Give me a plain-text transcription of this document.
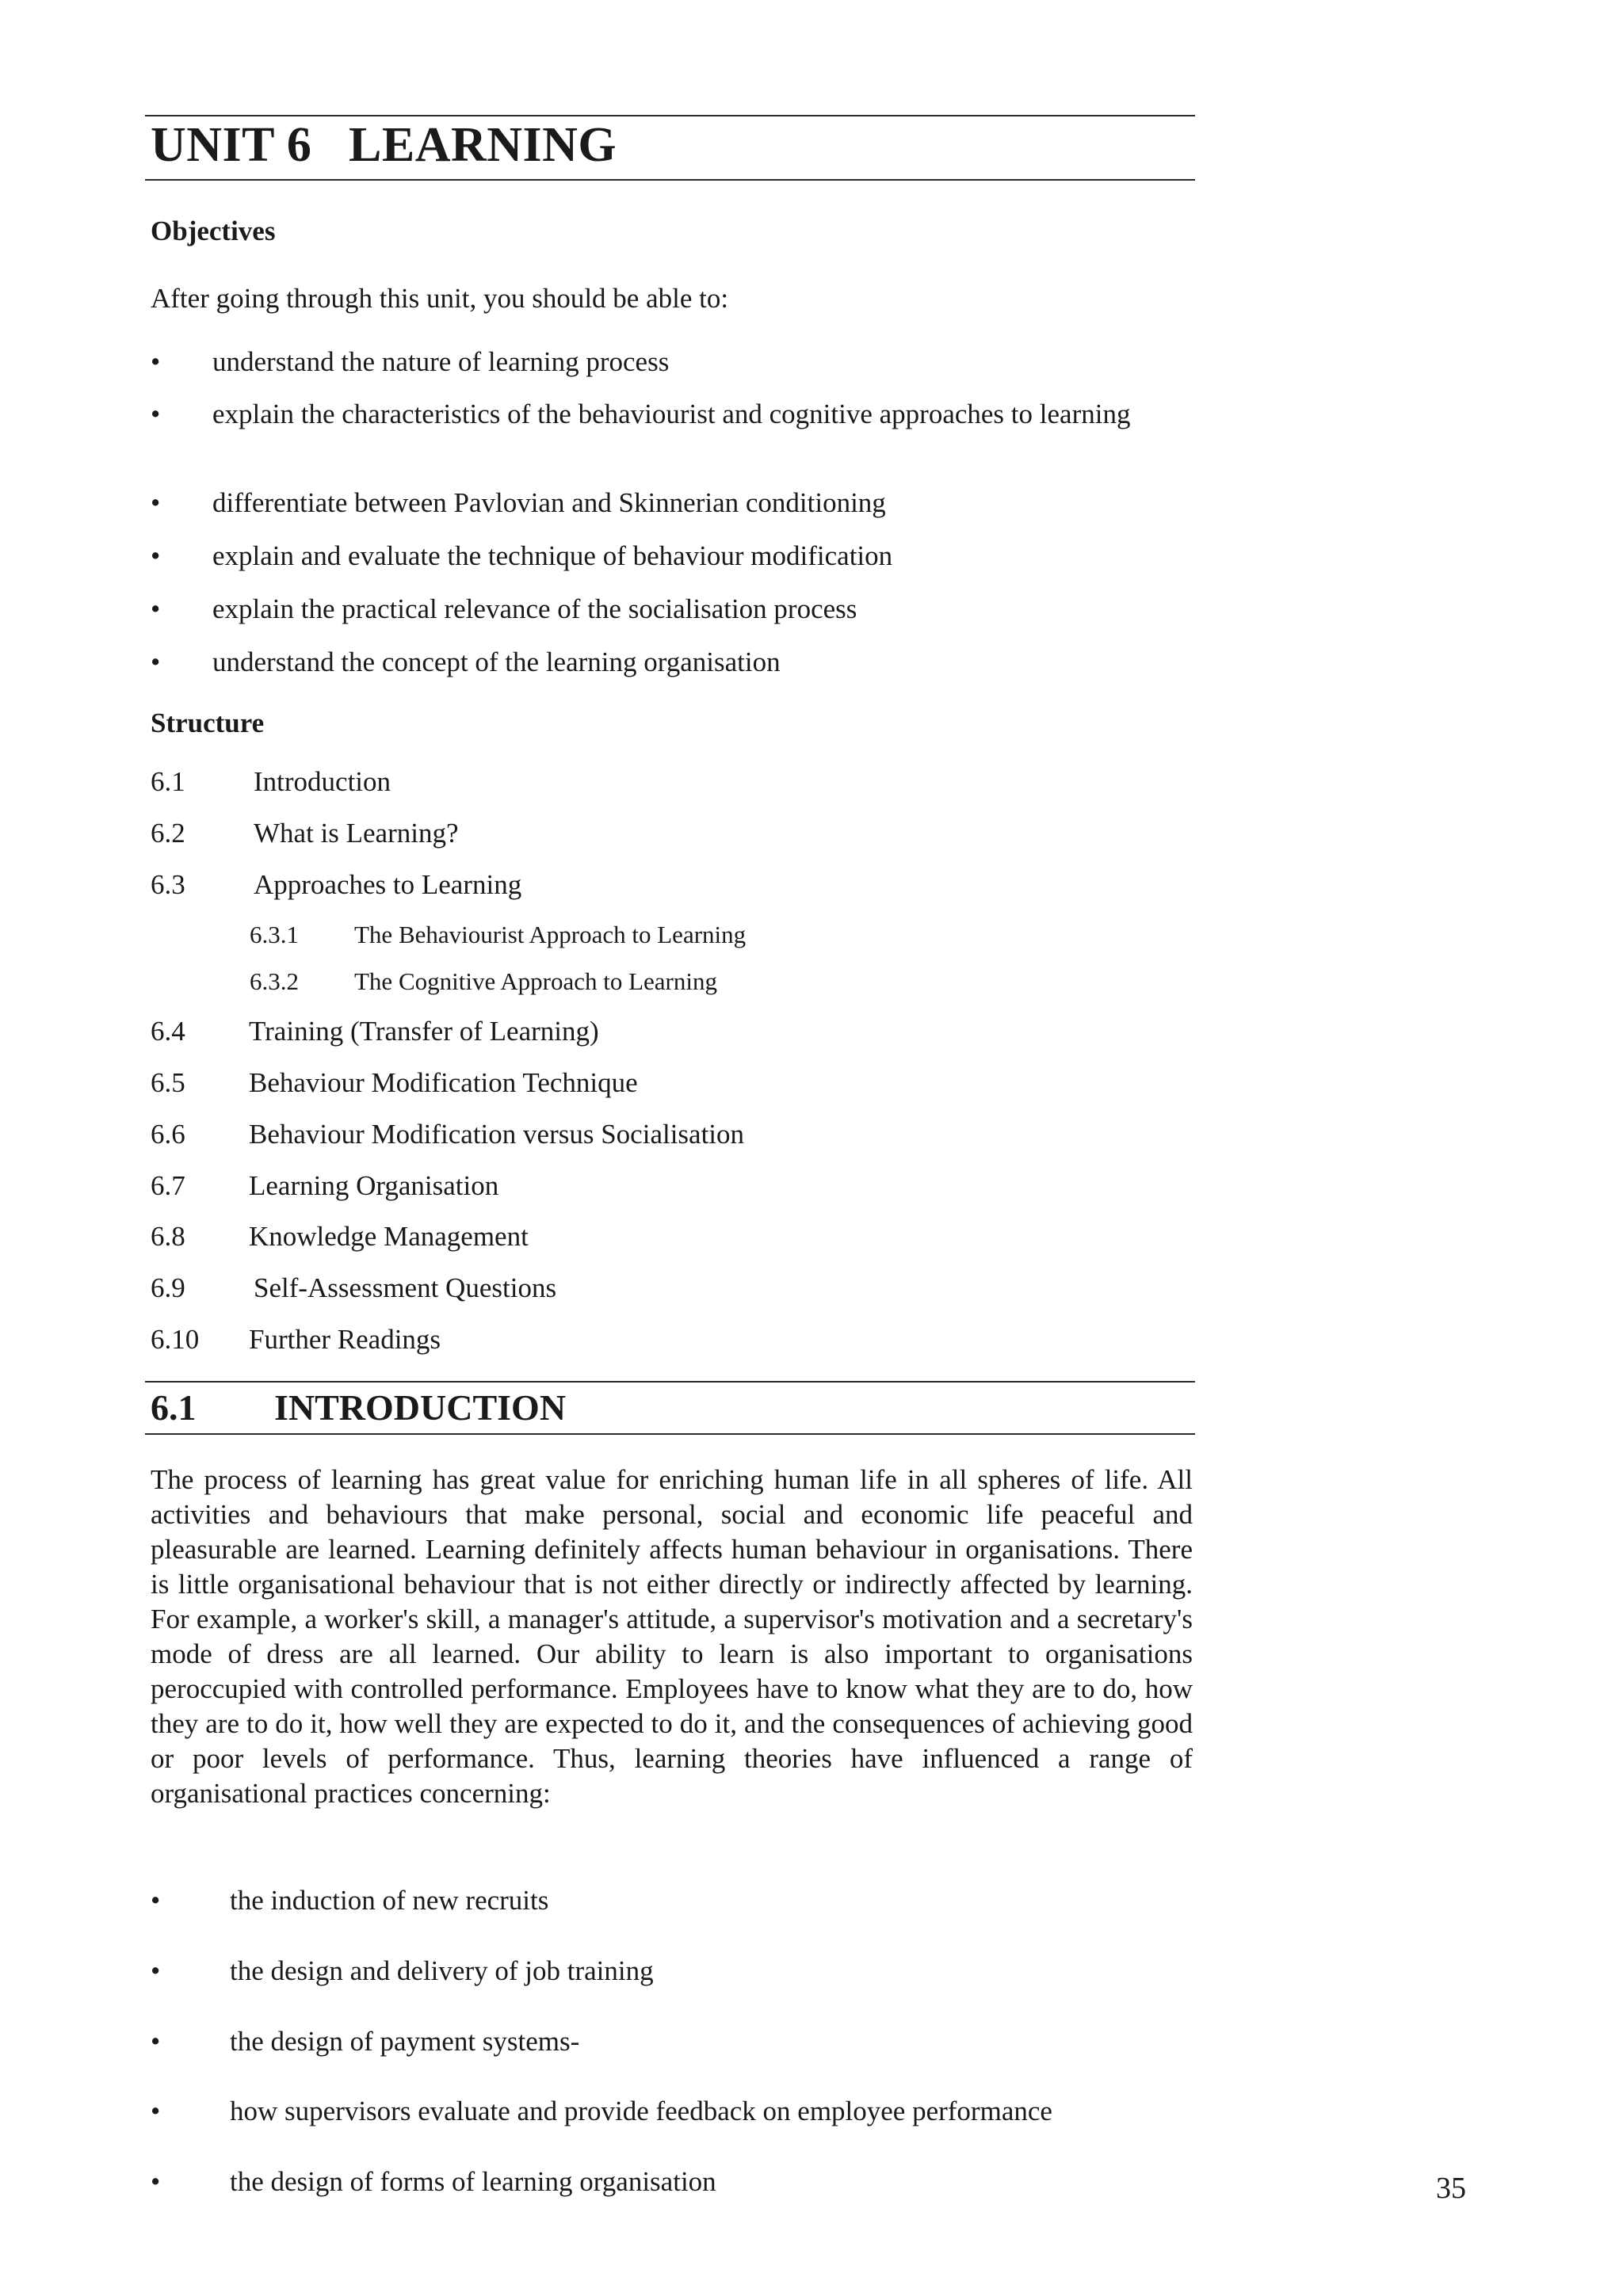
UNIT 6 LEARNING
Objectives
After going through this unit, you should be able to:
• understand the nature of learning process
• explain the characteristics of the behaviourist and cognitive approaches to learning
• differentiate between Pavlovian and Skinnerian conditioning
• explain and evaluate the technique of behaviour modification
• explain the practical relevance of the socialisation process
• understand the concept of the learning organisation
Structure
6.1 Introduction
6.2 What is Learning?
6.3 Approaches to Learning
6.3.1 The Behaviourist Approach to Learning
6.3.2 The Cognitive Approach to Learning
6.4 Training (Transfer of Learning)
6.5 Behaviour Modification Technique
6.6 Behaviour Modification versus Socialisation
6.7 Learning Organisation
6.8 Knowledge Management
6.9 Self-Assessment Questions
6.10 Further Readings
6.1 INTRODUCTION

The process of learning has great value for enriching human life in all spheres of life. All activities and behaviours that make personal, social and economic life peaceful and pleasurable are learned. Learning definitely affects human behaviour in organisations. There is little organisational behaviour that is not either directly or indirectly affected by learning. For example, a worker's skill, a manager's attitude, a supervisor's motivation and a secretary's mode of dress are all learned. Our ability to learn is also important to organisations peroccupied with controlled performance. Employees have to know what they are to do, how they are to do it, how well they are expected to do it, and the consequences of achieving good or poor levels of performance. Thus, learning theories have influenced a range of organisational practices concerning:

•	the induction of new recruits
•	the design and delivery of job training
•	the design of payment systems-
•	how supervisors evaluate and provide feedback on employee performance
•	the design of forms of learning organisation	35
